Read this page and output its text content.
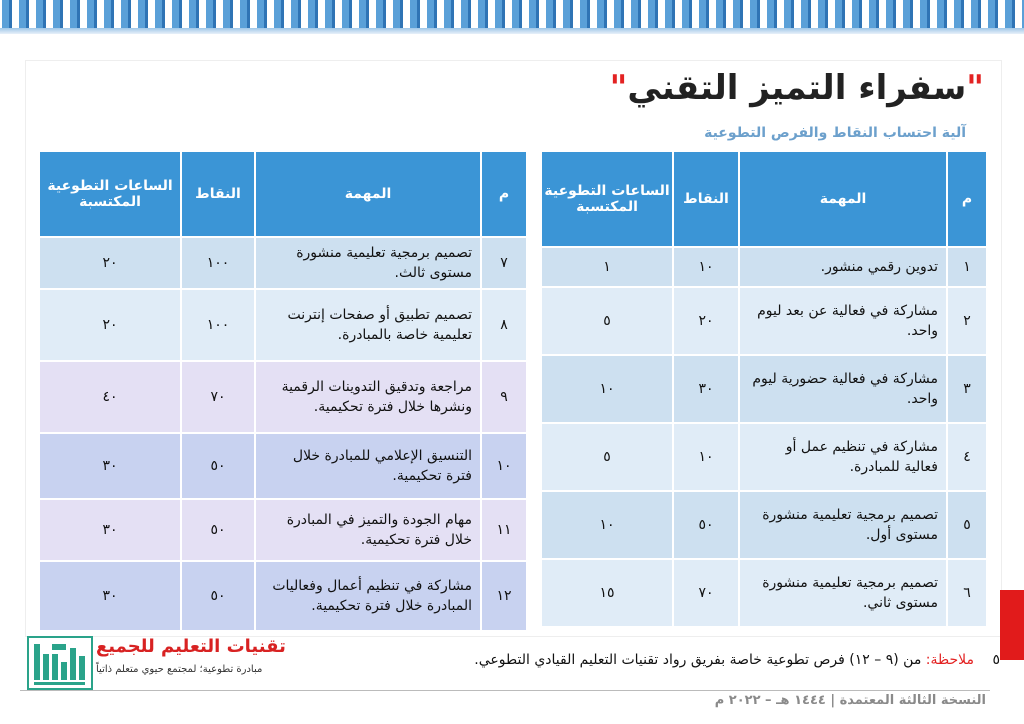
"سفراء التميز التقني"
آلية احتساب النقاط والفرص التطوعية
م	المهمة	النقاط	الساعات التطوعية المكتسبة
١	تدوين رقمي منشور.	١٠	١
٢	مشاركة في فعالية عن بعد ليوم واحد.	٢٠	٥
٣	مشاركة في فعالية حضورية ليوم واحد.	٣٠	١٠
٤	مشاركة في تنظيم عمل أو فعالية للمبادرة.	١٠	٥
٥	تصميم برمجية تعليمية منشورة مستوى أول.	٥٠	١٠
٦	تصميم برمجية تعليمية منشورة مستوى ثاني.	٧٠	١٥
م	المهمة	النقاط	الساعات التطوعية المكتسبة
٧	تصميم برمجية تعليمية منشورة مستوى ثالث.	١٠٠	٢٠
٨	تصميم تطبيق أو صفحات إنترنت تعليمية خاصة بالمبادرة.	١٠٠	٢٠
٩	مراجعة وتدقيق التدوينات الرقمية ونشرها خلال فترة تحكيمية.	٧٠	٤٠
١٠	التنسيق الإعلامي للمبادرة خلال فترة تحكيمية.	٥٠	٣٠
١١	مهام الجودة والتميز في المبادرة خلال فترة تحكيمية.	٥٠	٣٠
١٢	مشاركة في تنظيم أعمال وفعاليات المبادرة خلال فترة تحكيمية.	٥٠	٣٠
٥
ملاحظة: من (٩ – ١٢) فرص تطوعية خاصة بفريق رواد تقنيات التعليم القيادي التطوعي.
تقنيات التعليم للجميع
مبادرة تطوعية؛ لمجتمع حيوي متعلم ذاتياً
النسخة الثالثة المعتمدة | ١٤٤٤ هـ – ٢٠٢٢ م
